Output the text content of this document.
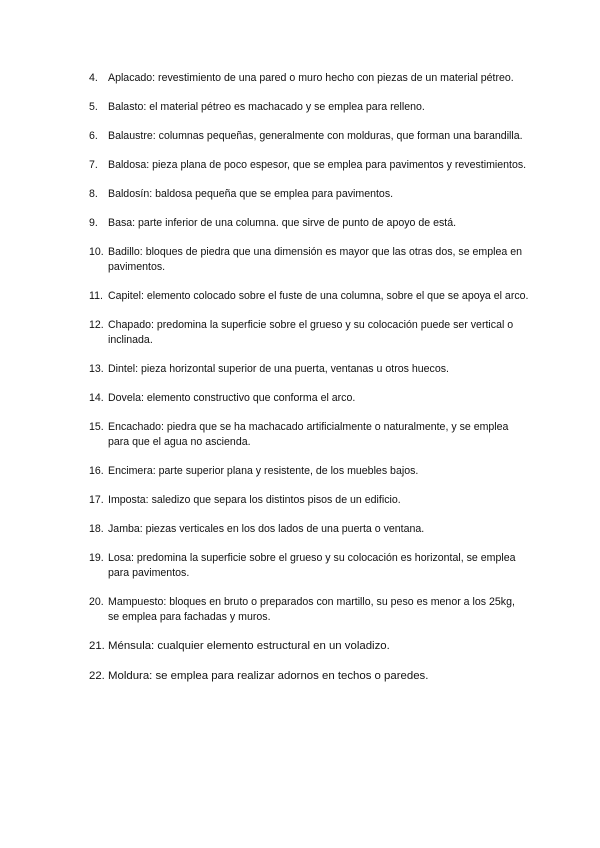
4. Aplacado: revestimiento de una pared o muro hecho con piezas de un material pétreo.
5. Balasto: el material pétreo es machacado y se emplea para relleno.
6. Balaustre: columnas pequeñas, generalmente con molduras, que forman una barandilla.
7. Baldosa: pieza plana de poco espesor, que se emplea para pavimentos y revestimientos.
8. Baldosín: baldosa pequeña que se emplea para pavimentos.
9. Basa: parte inferior de una columna. que sirve de punto de apoyo de está.
10. Badillo: bloques de piedra que una dimensión es mayor que las otras dos, se emplea en pavimentos.
11. Capitel: elemento colocado sobre el fuste de una columna, sobre el que se apoya el arco.
12. Chapado: predomina la superficie sobre el grueso y su colocación puede ser vertical o inclinada.
13. Dintel: pieza horizontal superior de una puerta, ventanas u otros huecos.
14. Dovela: elemento constructivo que conforma el arco.
15. Encachado: piedra que se ha machacado artificialmente o naturalmente, y se emplea para que el agua no ascienda.
16. Encimera: parte superior plana y resistente, de los muebles bajos.
17. Imposta: saledizo que separa los distintos pisos de un edificio.
18. Jamba: piezas verticales en los dos lados de una puerta o ventana.
19. Losa: predomina la superficie sobre el grueso y su colocación es horizontal, se emplea para pavimentos.
20. Mampuesto: bloques en bruto o preparados con martillo, su peso es menor a los 25kg, se emplea para fachadas y muros.
21. Ménsula: cualquier elemento estructural en un voladizo.
22. Moldura: se emplea para realizar adornos en techos o paredes.
